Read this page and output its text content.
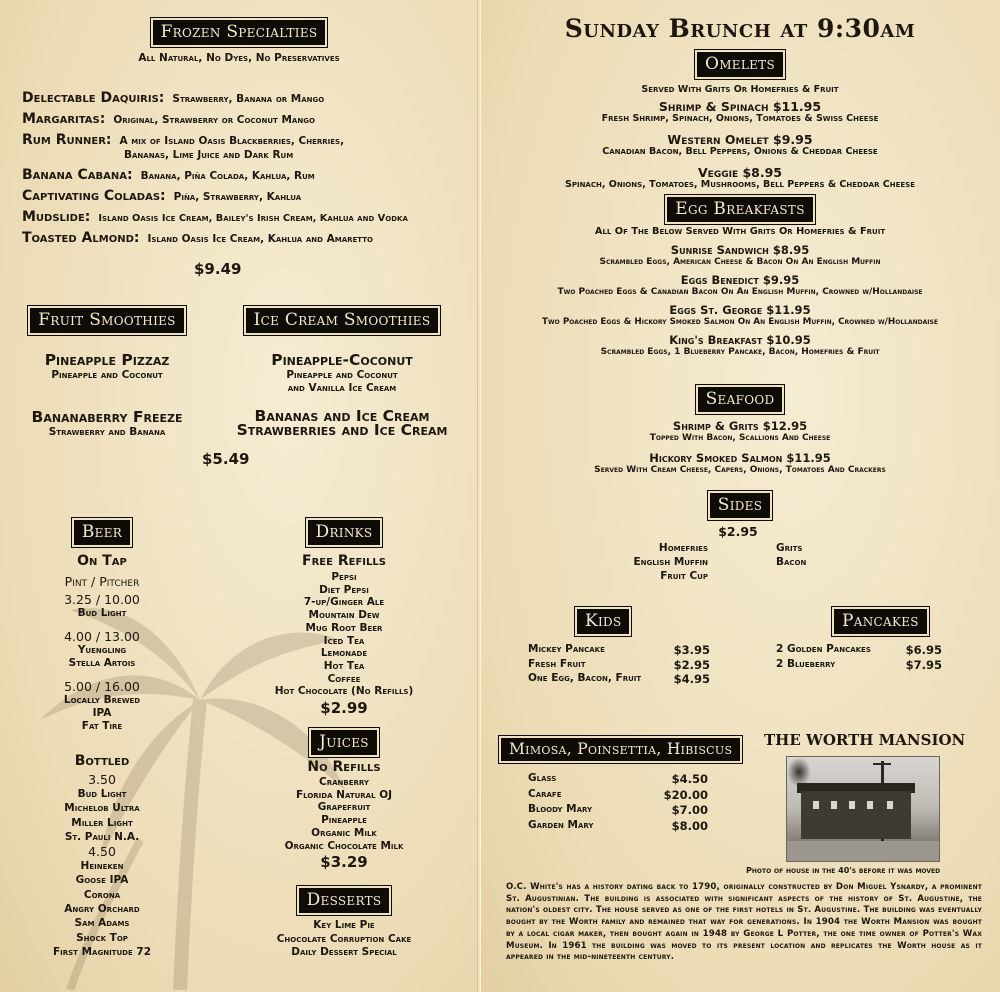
Frozen Specialties
All Natural, No Dyes, No Preservatives
Delectable Daquiris: Strawberry, Banana or Mango
Margaritas: Original, Strawberry or Coconut Mango
Rum Runner: A mix of Island Oasis Blackberries, Cherries,
Bananas, Lime Juice and Dark Rum
Banana Cabana: Banana, Piña Colada, Kahlua, Rum
Captivating Coladas: Piña, Strawberry, Kahlua
Mudslide: Island Oasis Ice Cream, Bailey's Irish Cream, Kahlua and Vodka
Toasted Almond: Island Oasis Ice Cream, Kahlua and Amaretto
$9.49
Fruit Smoothies
Pineapple Pizzaz
Pineapple and Coconut
Bananaberry Freeze
Strawberry and Banana
Ice Cream Smoothies
Pineapple-Coconut
Pineapple and Coconut
and Vanilla Ice Cream
Bananas and Ice Cream
Strawberries and Ice Cream
$5.49
Beer
On Tap
Pint / Pitcher
3.25 / 10.00
Bud Light
4.00 / 13.00
Yuengling
Stella Artois
5.00 / 16.00
Locally Brewed
IPA
Fat Tire
Bottled
3.50
Bud Light
Michelob Ultra
Miller Light
St. Pauli N.A.
4.50
Heineken
Goose IPA
Corona
Angry Orchard
Sam Adams
Shock Top
First Magnitude 72
Drinks
Free Refills
Pepsi
Diet Pepsi
7-up/Ginger Ale
Mountain Dew
Mug Root Beer
Iced Tea
Lemonade
Hot Tea
Coffee
Hot Chocolate (No Refills)
$2.99
Juices
No Refills
Cranberry
Florida Natural OJ
Grapefruit
Pineapple
Organic Milk
Organic Chocolate Milk
$3.29
Desserts
Key Lime Pie
Chocolate Corruption Cake
Daily Dessert Special
Sunday Brunch at 9:30am
Omelets
Served With Grits Or Homefries & Fruit
Shrimp & Spinach $11.95
Fresh Shrimp, Spinach, Onions, Tomatoes & Swiss Cheese
Western Omelet $9.95
Canadian Bacon, Bell Peppers, Onions & Cheddar Cheese
Veggie $8.95
Spinach, Onions, Tomatoes, Mushrooms, Bell Peppers & Cheddar Cheese
Egg Breakfasts
All Of The Below Served With Grits Or Homefries & Fruit
Sunrise Sandwich $8.95
Scrambled Eggs, American Cheese & Bacon On An English Muffin
Eggs Benedict $9.95
Two Poached Eggs & Canadian Bacon On An English Muffin, Crowned w/Hollandaise
Eggs St. George $11.95
Two Poached Eggs & Hickory Smoked Salmon On An English Muffin, Crowned w/Hollandaise
King's Breakfast $10.95
Scrambled Eggs, 1 Blueberry Pancake, Bacon, Homefries & Fruit
Seafood
Shrimp & Grits $12.95
Topped With Bacon, Scallions And Cheese
Hickory Smoked Salmon $11.95
Served With Cream Cheese, Capers, Onions, Tomatoes And Crackers
Sides
$2.95
Homefries
English Muffin
Fruit Cup
Grits
Bacon
Kids
Mickey Pancake	$3.95
Fresh Fruit	$2.95
One Egg, Bacon, Fruit	$4.95
Pancakes
2 Golden Pancakes	$6.95
2 Blueberry	$7.95
Mimosa, Poinsettia, Hibiscus
Glass	$4.50
Carafe	$20.00
Bloody Mary	$7.00
Garden Mary	$8.00
THE WORTH MANSION
Photo of house in the 40's before it was moved
O.C. White's has a history dating back to 1790, originally constructed by Don Miguel Ysnardy, a prominent St. Augustinian. The building is associated with significant aspects of the history of St. Augustine, the nation's oldest city. The house served as one of the first hotels in St. Augustine. The building was eventually bought by the Worth family and remained that way for generations. In 1904 the Worth Mansion was bought by a local cigar maker, then bought again in 1948 by George L Potter, the one time owner of Potter's Wax Museum. In 1961 the building was moved to its present location and replicates the Worth house as it appeared in the mid-nineteenth century.
